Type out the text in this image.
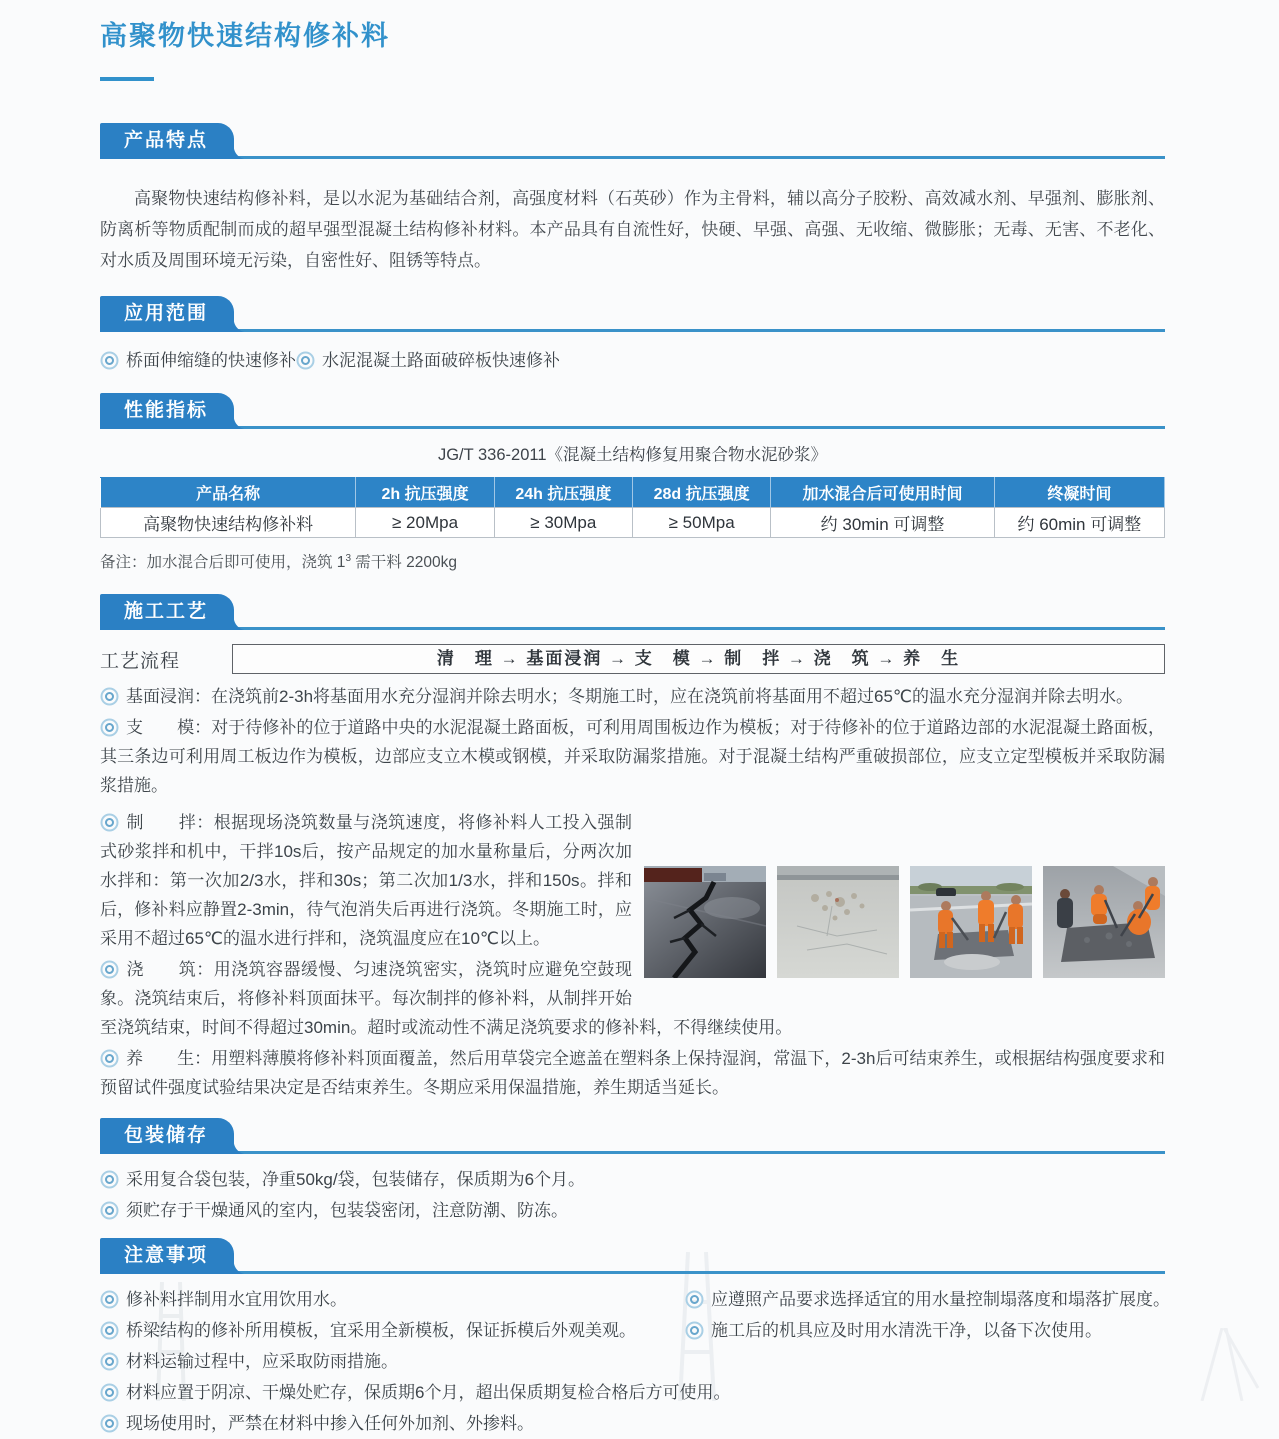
高聚物快速结构修补料
产品特点

高聚物快速结构修补料，是以水泥为基础结合剂，高强度材料（石英砂）作为主骨料，辅以高分子胶粉、高效减水剂、早强剂、膨胀剂、防离析等物质配制而成的超早强型混凝土结构修补材料。本产品具有自流性好，快硬、早强、高强、无收缩、微膨胀；无毒、无害、不老化、对水质及周围环境无污染，自密性好、阻锈等特点。

应用范围
桥面伸缩缝的快速修补	水泥混凝土路面破碎板快速修补
性能指标
JG/T 336-2011《混凝土结构修复用聚合物水泥砂浆》
产品名称	2h 抗压强度	24h 抗压强度	28d 抗压强度	加水混合后可使用时间	终凝时间
高聚物快速结构修补料	≥ 20Mpa	≥ 30Mpa	≥ 50Mpa	约 30min 可调整	约 60min 可调整

备注：加水混合后即可使用，浇筑 $1^3$ 需干料 2200kg

施工工艺
工艺流程	清　理 → 基面浸润 → 支　模 → 制　拌 → 浇　筑 → 养　生

基面浸润：在浇筑前2-3h将基面用水充分湿润并除去明水；冬期施工时，应在浇筑前将基面用不超过65℃的温水充分湿润并除去明水。

支　　模：对于待修补的位于道路中央的水泥混凝土路面板，可利用周围板边作为模板；对于待修补的位于道路边部的水泥混凝土路面板，其三条边可利用周工板边作为模板，边部应支立木模或钢模，并采取防漏浆措施。对于混凝土结构严重破损部位，应支立定型模板并采取防漏浆措施。

制　　拌：根据现场浇筑数量与浇筑速度，将修补料人工投入强制式砂浆拌和机中，干拌10s后，按产品规定的加水量称量后，分两次加水拌和：第一次加2/3水，拌和30s；第二次加1/3水，拌和150s。拌和后，修补料应静置2-3min，待气泡消失后再进行浇筑。冬期施工时，应采用不超过65℃的温水进行拌和，浇筑温度应在10℃以上。

浇　　筑：用浇筑容器缓慢、匀速浇筑密实，浇筑时应避免空鼓现象。浇筑结束后，将修补料顶面抹平。每次制拌的修补料，从制拌开始至浇筑结束，时间不得超过30min。超时或流动性不满足浇筑要求的修补料，不得继续使用。

养　　生：用塑料薄膜将修补料顶面覆盖，然后用草袋完全遮盖在塑料条上保持湿润，常温下，2-3h后可结束养生，或根据结构强度要求和预留试件强度试验结果决定是否结束养生。冬期应采用保温措施，养生期适当延长。

包装储存

采用复合袋包装，净重50kg/袋，包装储存，保质期为6个月。

须贮存于干燥通风的室内，包装袋密闭，注意防潮、防冻。

注意事项

修补料拌制用水宜用饮用水。

桥梁结构的修补所用模板，宜采用全新模板，保证拆模后外观美观。

材料运输过程中，应采取防雨措施。

材料应置于阴凉、干燥处贮存，保质期6个月，超出保质期复检合格后方可使用。

现场使用时，严禁在材料中掺入任何外加剂、外掺料。

应遵照产品要求选择适宜的用水量控制塌落度和塌落扩展度。

施工后的机具应及时用水清洗干净，以备下次使用。
